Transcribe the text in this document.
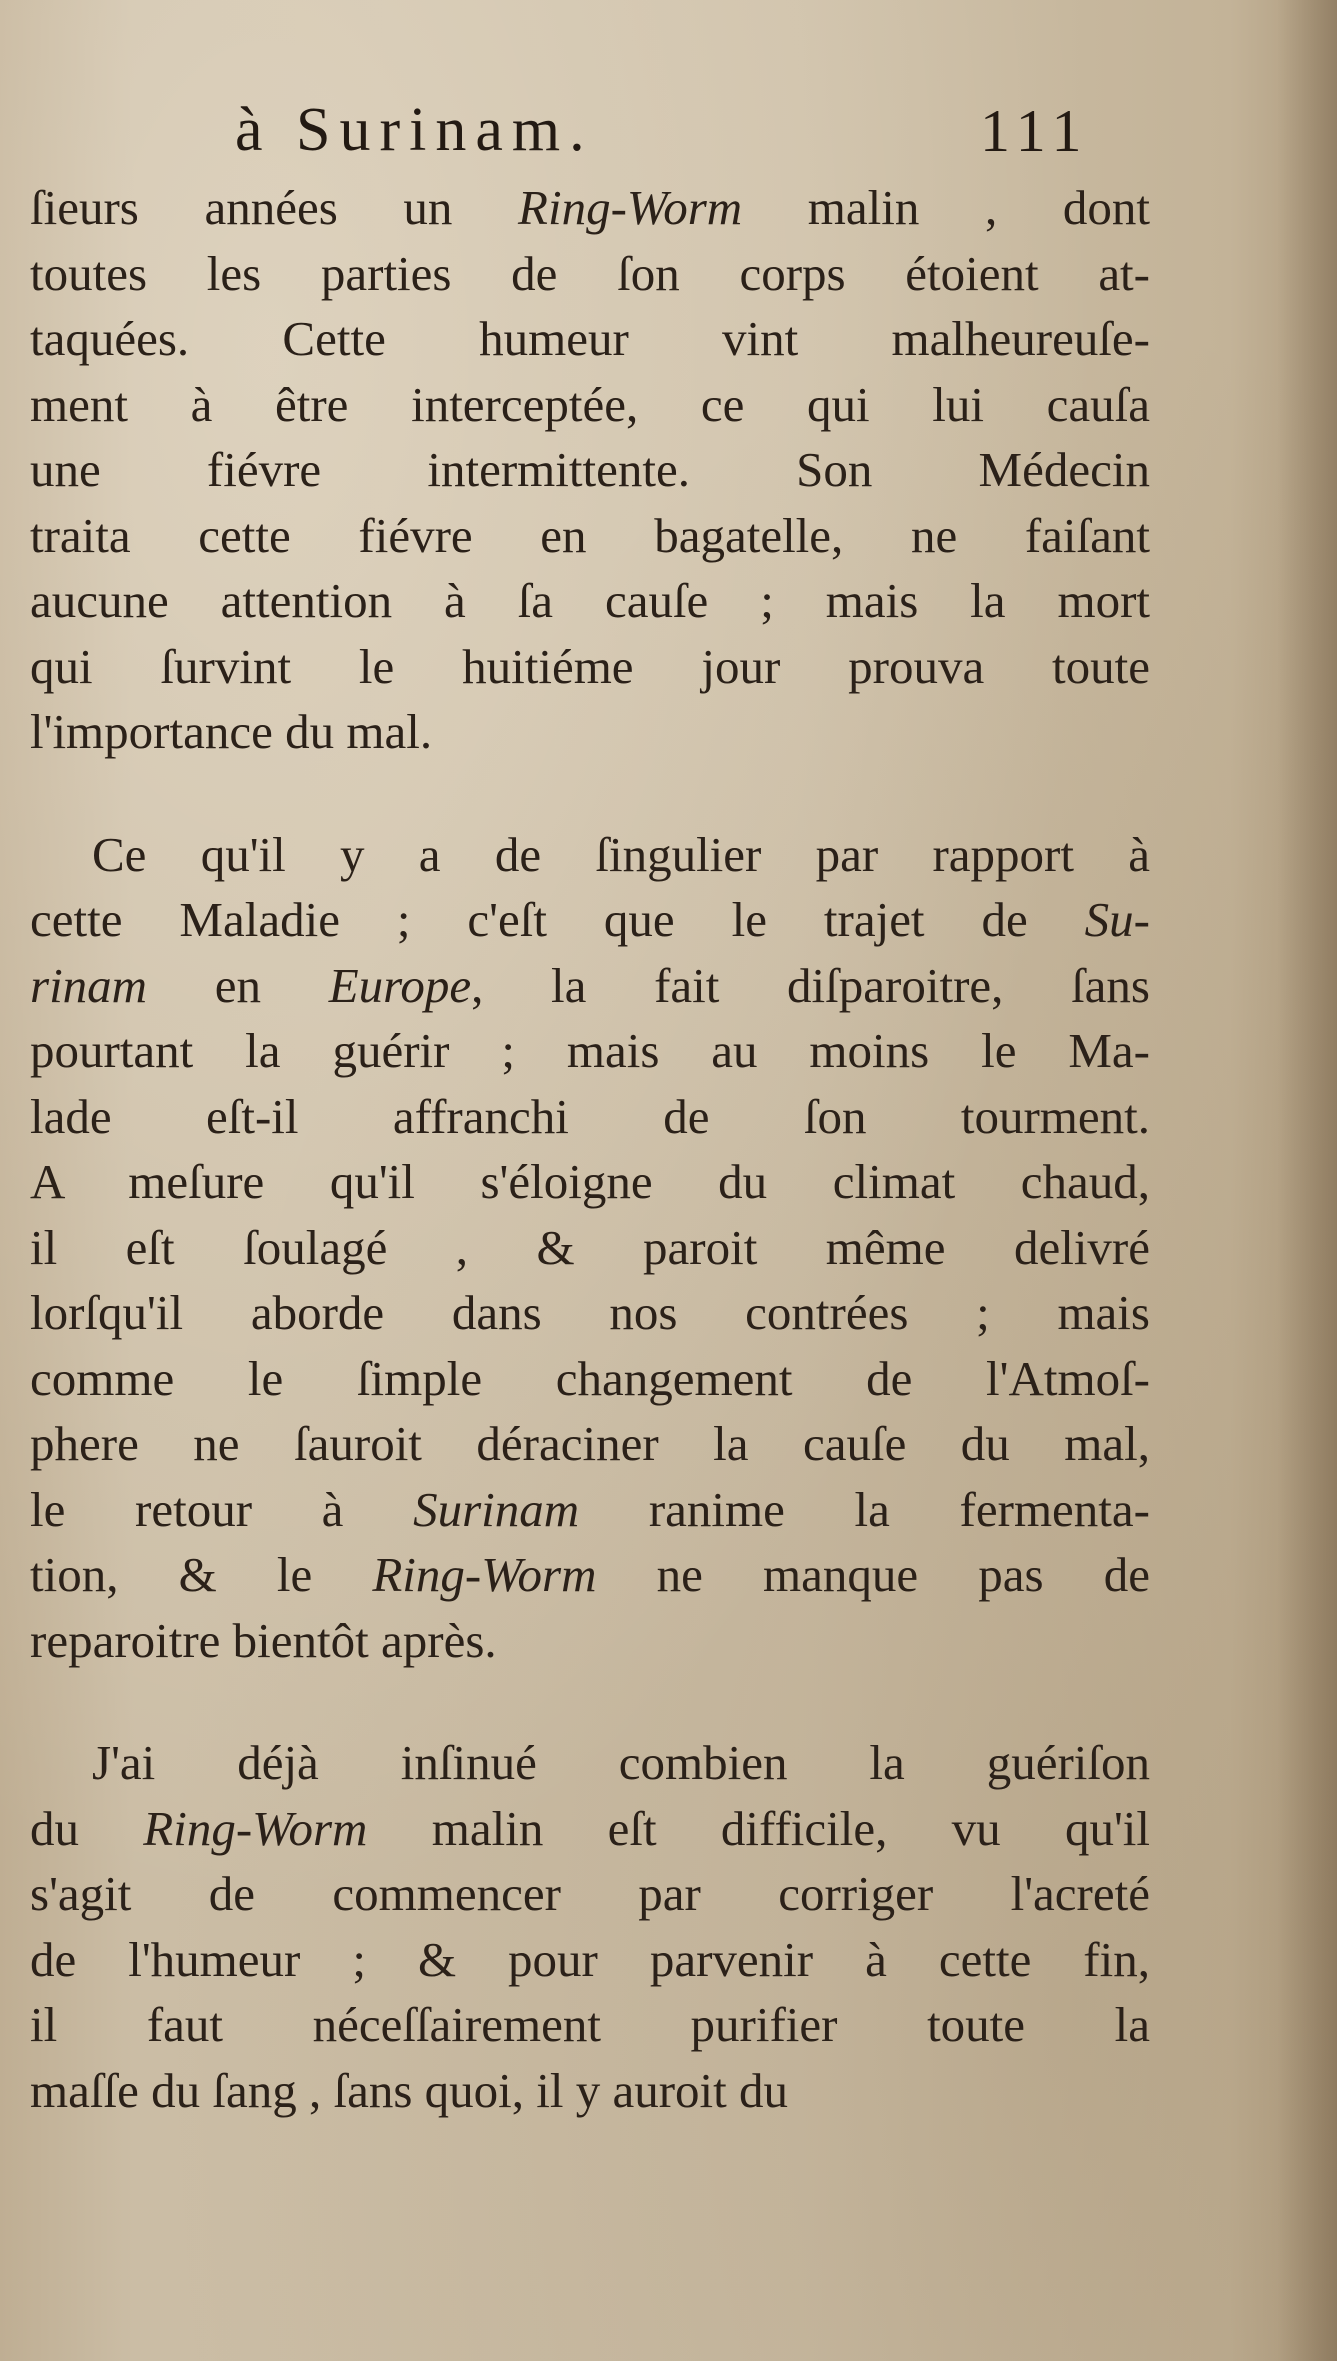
à Surinam.	111
ſieurs années un Ring-Worm malin , dont
toutes les parties de ſon corps étoient at-
taquées. Cette humeur vint malheureuſe-
ment à être interceptée, ce qui lui cauſa
une fiévre intermittente. Son Médecin
traita cette fiévre en bagatelle, ne faiſant
aucune attention à ſa cauſe ; mais la mort
qui ſurvint le huitiéme jour prouva toute
l'importance du mal.
Ce qu'il y a de ſingulier par rapport à
cette Maladie ; c'eſt que le trajet de Su-
rinam en Europe, la fait diſparoitre, ſans
pourtant la guérir ; mais au moins le Ma-
lade eſt-il affranchi de ſon tourment.
A meſure qu'il s'éloigne du climat chaud,
il eſt ſoulagé , & paroit même delivré
lorſqu'il aborde dans nos contrées ; mais
comme le ſimple changement de l'Atmoſ-
phere ne ſauroit déraciner la cauſe du mal,
le retour à Surinam ranime la fermenta-
tion, & le Ring-Worm ne manque pas de
reparoitre bientôt après.
J'ai déjà inſinué combien la guériſon
du Ring-Worm malin eſt difficile, vu qu'il
s'agit de commencer par corriger l'acreté
de l'humeur ; & pour parvenir à cette fin,
il faut néceſſairement purifier toute la
maſſe du ſang , ſans quoi, il y auroit du
